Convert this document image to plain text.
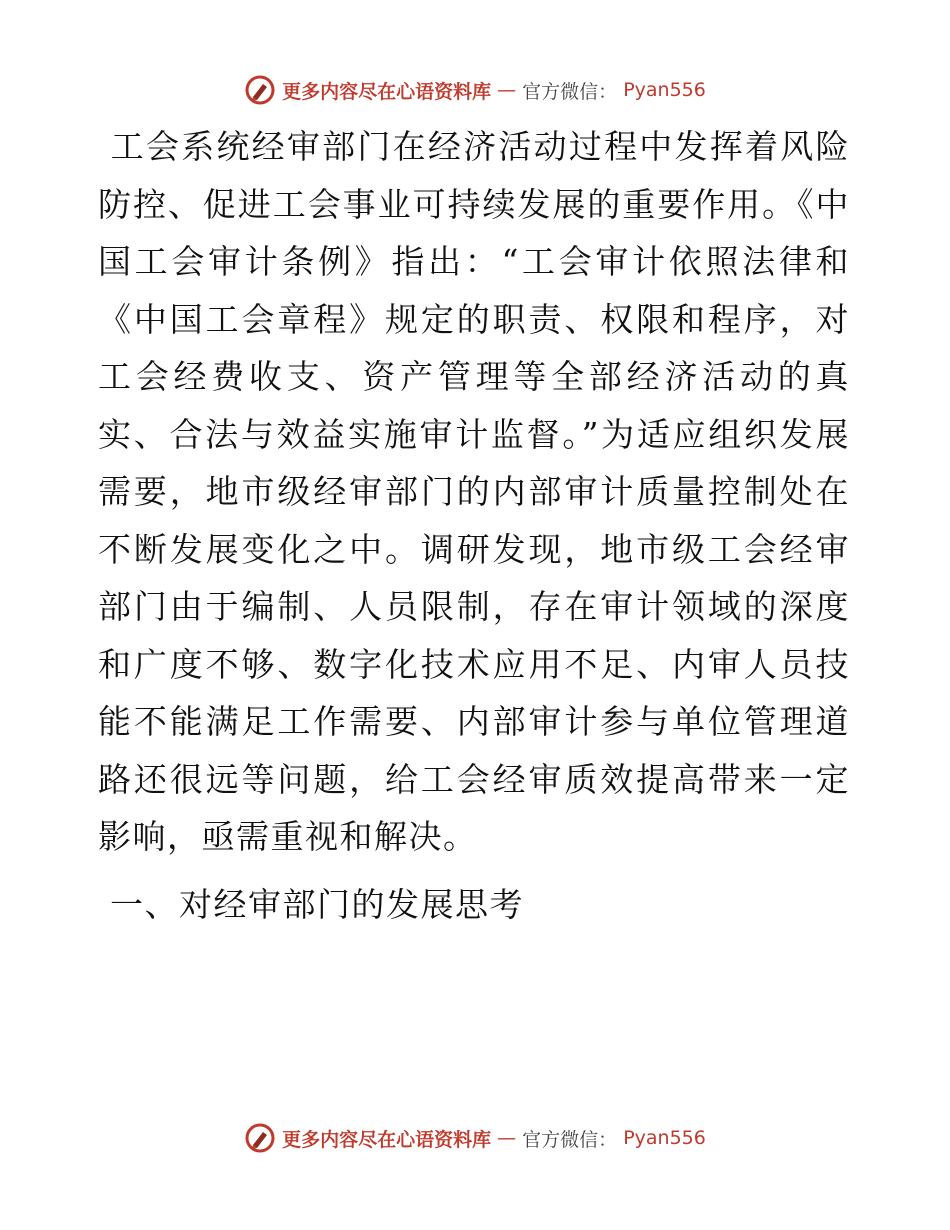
更多内容尽在心语资料库 — 官方微信： Pyan556

工会系统经审部门在经济活动过程中发挥着风险防控、促进工会事业可持续发展的重要作用。《中国工会审计条例》指出：“工会审计依照法律和《中国工会章程》规定的职责、权限和程序，对工会经费收支、资产管理等全部经济活动的真实、合法与效益实施审计监督。”为适应组织发展需要，地市级经审部门的内部审计质量控制处在不断发展变化之中。调研发现，地市级工会经审部门由于编制、人员限制，存在审计领域的深度和广度不够、数字化技术应用不足、内审人员技能不能满足工作需要、内部审计参与单位管理道路还很远等问题，给工会经审质效提高带来一定影响，亟需重视和解决。

一、对经审部门的发展思考

更多内容尽在心语资料库 — 官方微信： Pyan556
